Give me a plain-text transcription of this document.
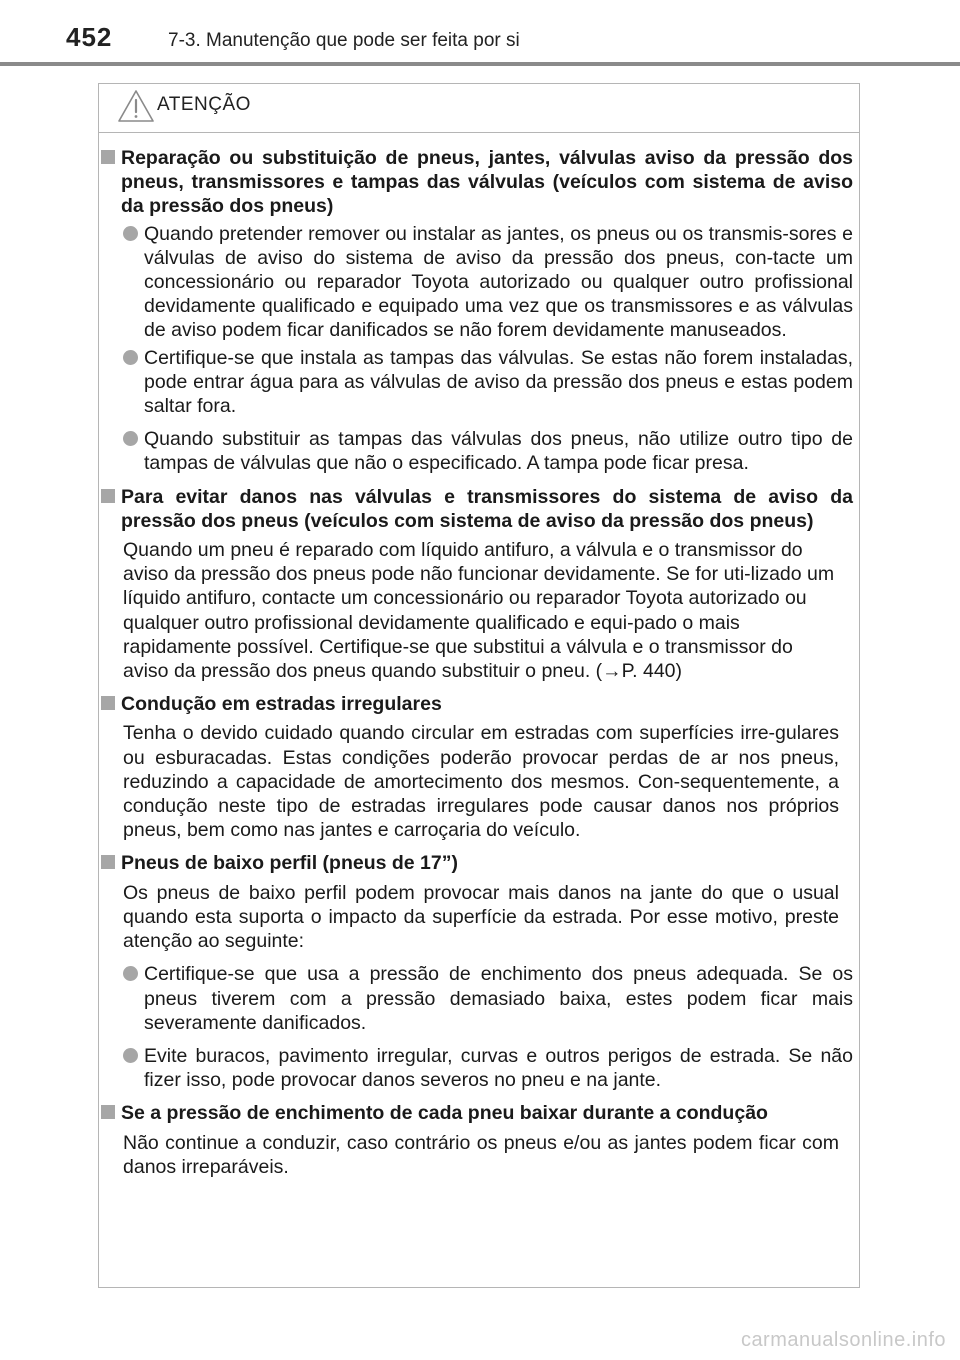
452	7-3. Manutenção que pode ser feita por si
ATENÇÃO
Reparação ou substituição de pneus, jantes, válvulas aviso da pressão dos pneus, transmissores e tampas das válvulas (veículos com sistema de aviso da pressão dos pneus)
Quando pretender remover ou instalar as jantes, os pneus ou os transmis-sores e válvulas de aviso do sistema de aviso da pressão dos pneus, con-tacte um concessionário ou reparador Toyota autorizado ou qualquer outro profissional devidamente qualificado e equipado uma vez que os transmissores e as válvulas de aviso podem ficar danificados se não forem devidamente manuseados.
Certifique-se que instala as tampas das válvulas. Se estas não forem instaladas, pode entrar água para as válvulas de aviso da pressão dos pneus e estas podem saltar fora.
Quando substituir as tampas das válvulas dos pneus, não utilize outro tipo de tampas de válvulas que não o especificado. A tampa pode ficar presa.
Para evitar danos nas válvulas e transmissores do sistema de aviso da pressão dos pneus (veículos com sistema de aviso da pressão dos pneus)
Quando um pneu é reparado com líquido antifuro, a válvula e o transmissor do aviso da pressão dos pneus pode não funcionar devidamente. Se for uti-lizado um líquido antifuro, contacte um concessionário ou reparador Toyota autorizado ou qualquer outro profissional devidamente qualificado e equi-pado o mais rapidamente possível. Certifique-se que substitui a válvula e o transmissor do aviso da pressão dos pneus quando substituir o pneu. (→P. 440)
Condução em estradas irregulares
Tenha o devido cuidado quando circular em estradas com superfícies irre-gulares ou esburacadas. Estas condições poderão provocar perdas de ar nos pneus, reduzindo a capacidade de amortecimento dos mesmos. Con-sequentemente, a condução neste tipo de estradas irregulares pode causar danos nos próprios pneus, bem como nas jantes e carroçaria do veículo.
Pneus de baixo perfil (pneus de 17”)
Os pneus de baixo perfil podem provocar mais danos na jante do que o usual quando esta suporta o impacto da superfície da estrada. Por esse motivo, preste atenção ao seguinte:
Certifique-se que usa a pressão de enchimento dos pneus adequada. Se os pneus tiverem com a pressão demasiado baixa, estes podem ficar mais severamente danificados.
Evite buracos, pavimento irregular, curvas e outros perigos de estrada. Se não fizer isso, pode provocar danos severos no pneu e na jante.
Se a pressão de enchimento de cada pneu baixar durante a condução
Não continue a conduzir, caso contrário os pneus e/ou as jantes podem ficar com danos irreparáveis.
carmanualsonline.info
